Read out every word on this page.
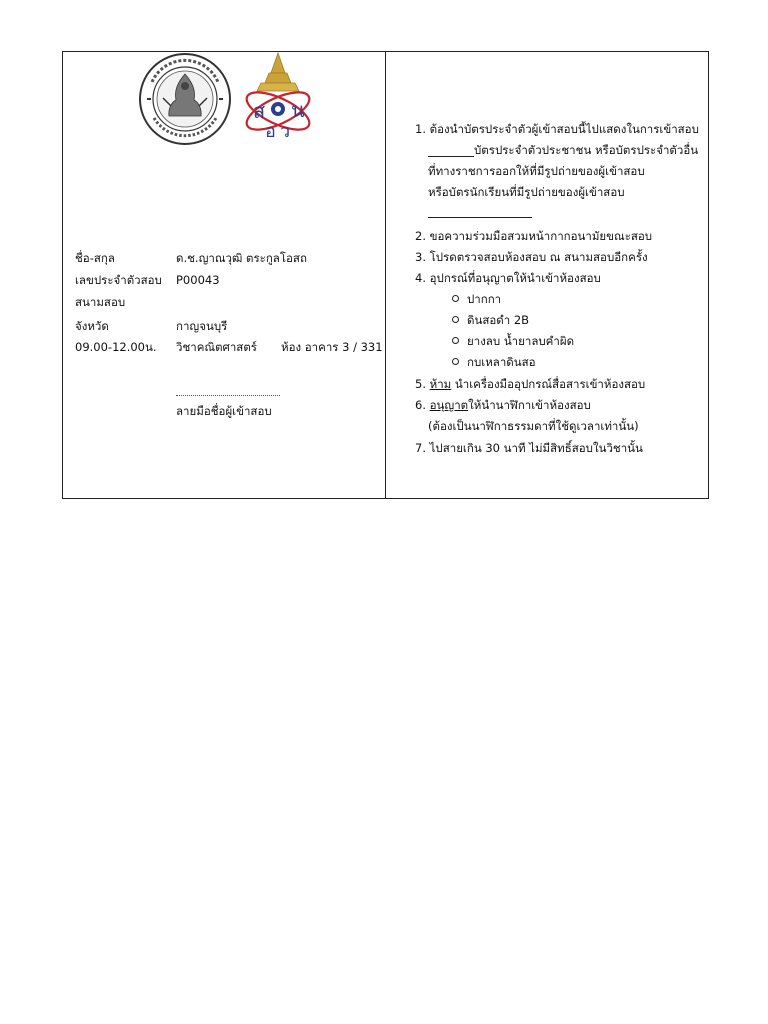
ส น
อ ว
ชื่อ-สกุล	ด.ช.ญาณวุฒิ ตระกูลโอสถ
เลขประจำตัวสอบ P00043
สนามสอบ
จังหวัด	กาญจนบุรี
09.00-12.00น. วิชาคณิตศาสตร์ ห้อง อาคาร 3 / 331
ลายมือชื่อผู้เข้าสอบ
1. ต้องนำบัตรประจำตัวผู้เข้าสอบนี้ไปแสดงในการเข้าสอบ
บัตรประจำตัวประชาชน หรือบัตรประจำตัวอื่น
ที่ทางราชการออกให้ที่มีรูปถ่ายของผู้เข้าสอบ
หรือบัตรนักเรียนที่มีรูปถ่ายของผู้เข้าสอบ
2. ขอความร่วมมือสวมหน้ากากอนามัยขณะสอบ
3. โปรดตรวจสอบห้องสอบ ณ สนามสอบอีกครั้ง
4. อุปกรณ์ที่อนุญาตให้นำเข้าห้องสอบ
ปากกา
ดินสอดำ 2B
ยางลบ น้ำยาลบคำผิด
กบเหลาดินสอ
5. ห้าม นำเครื่องมืออุปกรณ์สื่อสารเข้าห้องสอบ
6. อนุญาตให้นำนาฬิกาเข้าห้องสอบ
(ต้องเป็นนาฬิกาธรรมดาที่ใช้ดูเวลาเท่านั้น)
7. ไปสายเกิน 30 นาที ไม่มีสิทธิ์สอบในวิชานั้น
